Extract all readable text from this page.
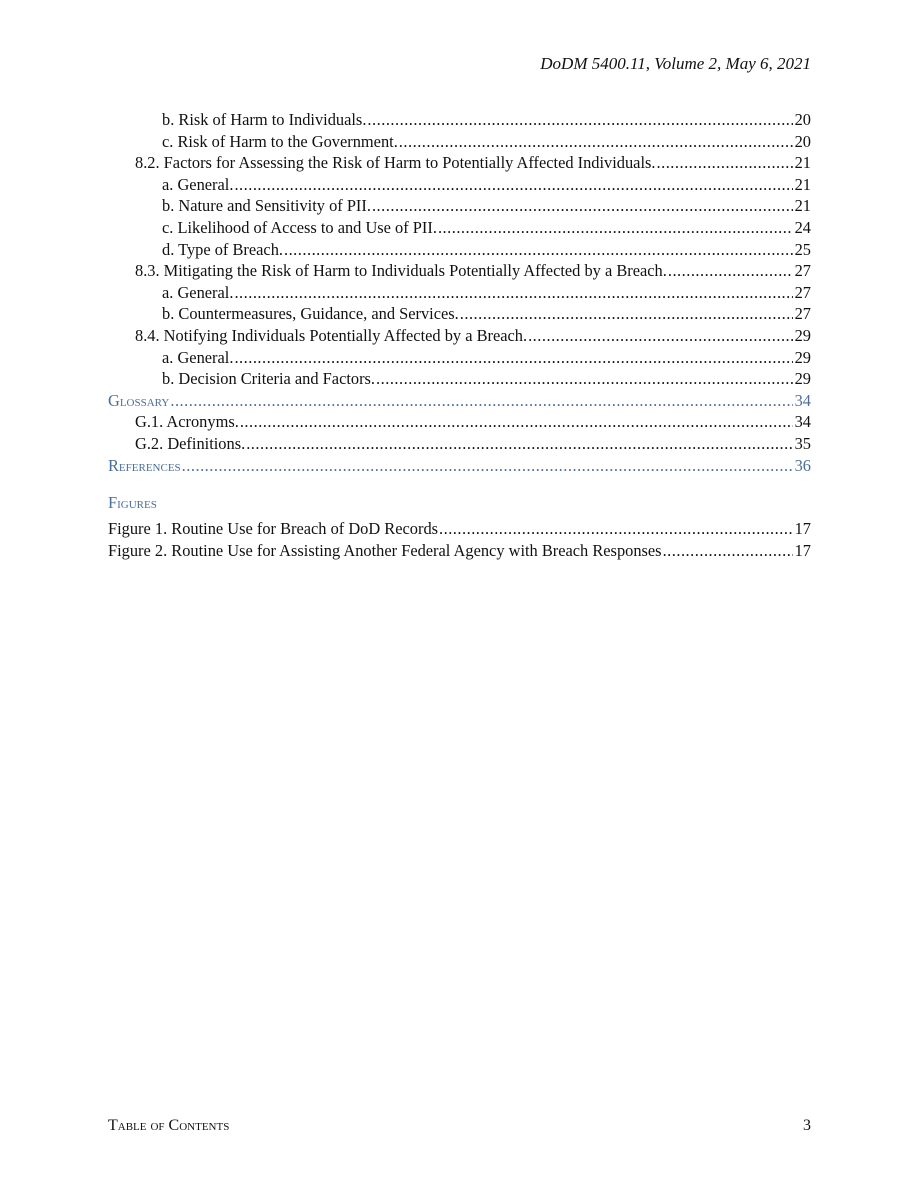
DoDM 5400.11, Volume 2, May 6, 2021
b. Risk of Harm to Individuals. .....	20
c. Risk of Harm to the Government. .....	20
8.2. Factors for Assessing the Risk of Harm to Potentially Affected Individuals. .....	21
a. General. .....	21
b. Nature and Sensitivity of PII. .....	21
c. Likelihood of Access to and Use of PII. .....	24
d. Type of Breach. .....	25
8.3. Mitigating the Risk of Harm to Individuals Potentially Affected by a Breach. .....	27
a. General. .....	27
b. Countermeasures, Guidance, and Services. .....	27
8.4. Notifying Individuals Potentially Affected by a Breach. .....	29
a. General. .....	29
b. Decision Criteria and Factors. .....	29
Glossary .....	34
G.1. Acronyms. .....	34
G.2. Definitions. .....	35
References .....	36
Figures
Figure 1. Routine Use for Breach of DoD Records .....	17
Figure 2. Routine Use for Assisting Another Federal Agency with Breach Responses .....	17
Table of Contents	3
